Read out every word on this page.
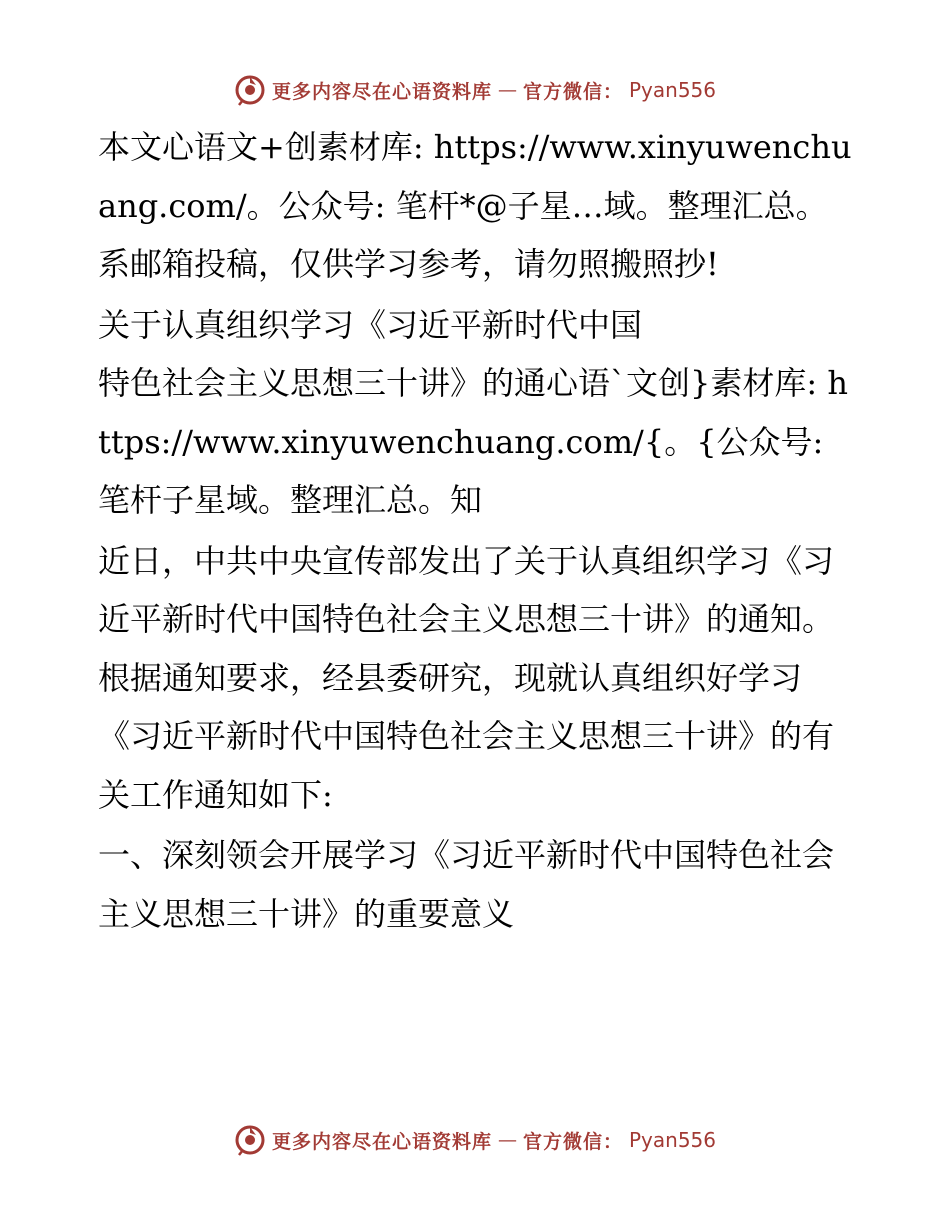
更多内容尽在心语资料库 — 官方微信： Pyan556

本文心语文+创素材库: https://www.xinyuwenchuang.com/。公众号: 笔杆*@子星…域。整理汇总。系邮箱投稿，仅供学习参考，请勿照搬照抄!

关于认真组织学习《习近平新时代中国

特色社会主义思想三十讲》的通心语`文创}素材库: https://www.xinyuwenchuang.com/{。{公众号: 笔杆子星域。整理汇总。知

近日，中共中央宣传部发出了关于认真组织学习《习近平新时代中国特色社会主义思想三十讲》的通知。根据通知要求，经县委研究，现就认真组织好学习《习近平新时代中国特色社会主义思想三十讲》的有关工作通知如下:

一、深刻领会开展学习《习近平新时代中国特色社会主义思想三十讲》的重要意义

更多内容尽在心语资料库 — 官方微信： Pyan556
